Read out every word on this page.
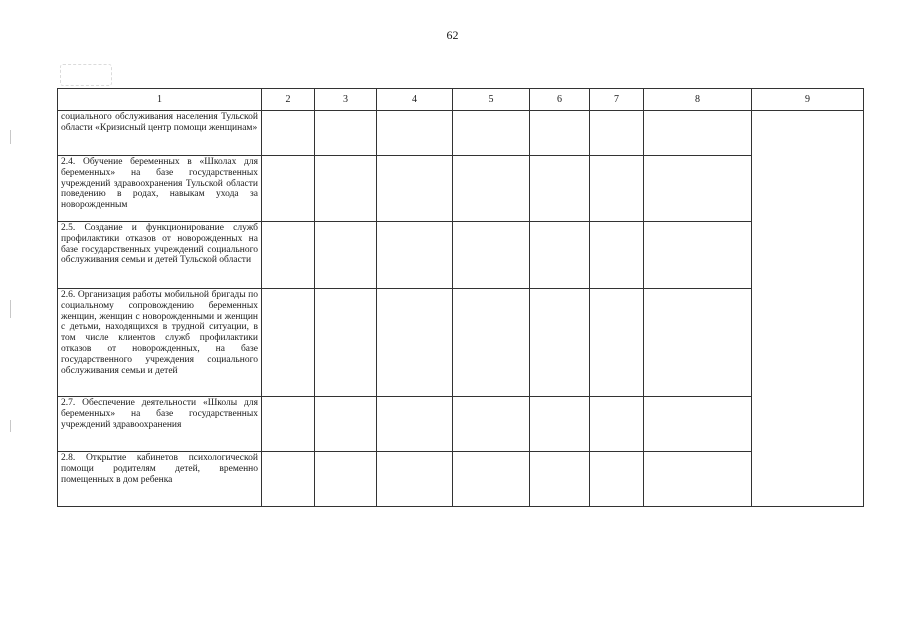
62
1	2	3	4	5	6	7	8	9
социального обслуживания населения Тульской области «Кризисный центр помощи женщинам»								
2.4. Обучение беременных в «Школах для беременных» на базе государственных учреждений здравоохранения Тульской области поведению в родах, навыкам ухода за новорожденным								
2.5. Создание и функционирование служб профилактики отказов от новорожденных на базе государственных учреждений социального обслуживания семьи и детей Тульской области								
2.6. Организация работы мобильной бригады по социальному сопровождению беременных женщин, женщин с новорожденными и женщин с детьми, находящихся в трудной ситуации, в том числе клиентов служб профилактики отказов от новорожденных, на базе государственного учреждения социального обслуживания семьи и детей								
2.7. Обеспечение деятельности «Школы для беременных» на базе государственных учреждений здравоохранения								
2.8. Открытие кабинетов психологической помощи родителям детей, временно помещенных в дом ребенка								
